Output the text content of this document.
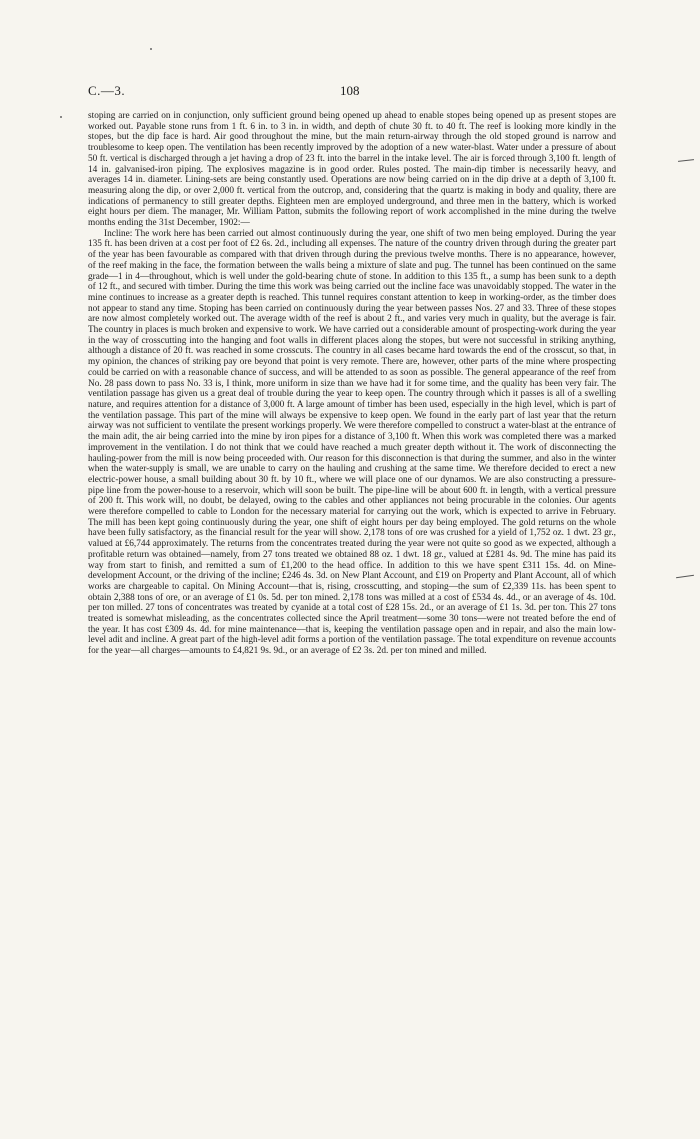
C.—3.	108

stoping are carried on in conjunction, only sufficient ground being opened up ahead to enable stopes being opened up as present stopes are worked out. Payable stone runs from 1 ft. 6 in. to 3 in. in width, and depth of chute 30 ft. to 40 ft. The reef is looking more kindly in the stopes, but the dip face is hard. Air good throughout the mine, but the main return-airway through the old stoped ground is narrow and troublesome to keep open. The ventilation has been recently improved by the adoption of a new water-blast. Water under a pressure of about 50 ft. vertical is discharged through a jet having a drop of 23 ft. into the barrel in the intake level. The air is forced through 3,100 ft. length of 14 in. galvanised-iron piping. The explosives magazine is in good order. Rules posted. The main-dip timber is necessarily heavy, and averages 14 in. diameter. Lining-sets are being constantly used. Operations are now being carried on in the dip drive at a depth of 3,100 ft. measuring along the dip, or over 2,000 ft. vertical from the outcrop, and, considering that the quartz is making in body and quality, there are indications of permanency to still greater depths. Eighteen men are employed underground, and three men in the battery, which is worked eight hours per diem. The manager, Mr. William Patton, submits the following report of work accomplished in the mine during the twelve months ending the 31st December, 1902:—

Incline: The work here has been carried out almost continuously during the year, one shift of two men being employed. During the year 135 ft. has been driven at a cost per foot of £2 6s. 2d., including all expenses. The nature of the country driven through during the greater part of the year has been favourable as compared with that driven through during the previous twelve months. There is no appearance, however, of the reef making in the face, the formation between the walls being a mixture of slate and pug. The tunnel has been continued on the same grade—1 in 4—throughout, which is well under the gold-bearing chute of stone. In addition to this 135 ft., a sump has been sunk to a depth of 12 ft., and secured with timber. During the time this work was being carried out the incline face was unavoidably stopped. The water in the mine continues to increase as a greater depth is reached. This tunnel requires constant attention to keep in working-order, as the timber does not appear to stand any time. Stoping has been carried on continuously during the year between passes Nos. 27 and 33. Three of these stopes are now almost completely worked out. The average width of the reef is about 2 ft., and varies very much in quality, but the average is fair. The country in places is much broken and expensive to work. We have carried out a considerable amount of prospecting-work during the year in the way of crosscutting into the hanging and foot walls in different places along the stopes, but were not successful in striking anything, although a distance of 20 ft. was reached in some crosscuts. The country in all cases became hard towards the end of the crosscut, so that, in my opinion, the chances of striking pay ore beyond that point is very remote. There are, however, other parts of the mine where prospecting could be carried on with a reasonable chance of success, and will be attended to as soon as possible. The general appearance of the reef from No. 28 pass down to pass No. 33 is, I think, more uniform in size than we have had it for some time, and the quality has been very fair. The ventilation passage has given us a great deal of trouble during the year to keep open. The country through which it passes is all of a swelling nature, and requires attention for a distance of 3,000 ft. A large amount of timber has been used, especially in the high level, which is part of the ventilation passage. This part of the mine will always be expensive to keep open. We found in the early part of last year that the return airway was not sufficient to ventilate the present workings properly. We were therefore compelled to construct a water-blast at the entrance of the main adit, the air being carried into the mine by iron pipes for a distance of 3,100 ft. When this work was completed there was a marked improvement in the ventilation. I do not think that we could have reached a much greater depth without it. The work of disconnecting the hauling-power from the mill is now being proceeded with. Our reason for this disconnection is that during the summer, and also in the winter when the water-supply is small, we are unable to carry on the hauling and crushing at the same time. We therefore decided to erect a new electric-power house, a small building about 30 ft. by 10 ft., where we will place one of our dynamos. We are also constructing a pressure-pipe line from the power-house to a reservoir, which will soon be built. The pipe-line will be about 600 ft. in length, with a vertical pressure of 200 ft. This work will, no doubt, be delayed, owing to the cables and other appliances not being procurable in the colonies. Our agents were therefore compelled to cable to London for the necessary material for carrying out the work, which is expected to arrive in February. The mill has been kept going continuously during the year, one shift of eight hours per day being employed. The gold returns on the whole have been fully satisfactory, as the financial result for the year will show. 2,178 tons of ore was crushed for a yield of 1,752 oz. 1 dwt. 23 gr., valued at £6,744 approximately. The returns from the concentrates treated during the year were not quite so good as we expected, although a profitable return was obtained—namely, from 27 tons treated we obtained 88 oz. 1 dwt. 18 gr., valued at £281 4s. 9d. The mine has paid its way from start to finish, and remitted a sum of £1,200 to the head office. In addition to this we have spent £311 15s. 4d. on Mine-development Account, or the driving of the incline; £246 4s. 3d. on New Plant Account, and £19 on Property and Plant Account, all of which works are chargeable to capital. On Mining Account—that is, rising, crosscutting, and stoping—the sum of £2,339 11s. has been spent to obtain 2,388 tons of ore, or an average of £1 0s. 5d. per ton mined. 2,178 tons was milled at a cost of £534 4s. 4d., or an average of 4s. 10d. per ton milled. 27 tons of concentrates was treated by cyanide at a total cost of £28 15s. 2d., or an average of £1 1s. 3d. per ton. This 27 tons treated is somewhat misleading, as the concentrates collected since the April treatment—some 30 tons—were not treated before the end of the year. It has cost £309 4s. 4d. for mine maintenance—that is, keeping the ventilation passage open and in repair, and also the main low-level adit and incline. A great part of the high-level adit forms a portion of the ventilation passage. The total expenditure on revenue accounts for the year—all charges—amounts to £4,821 9s. 9d., or an average of £2 3s. 2d. per ton mined and milled.
